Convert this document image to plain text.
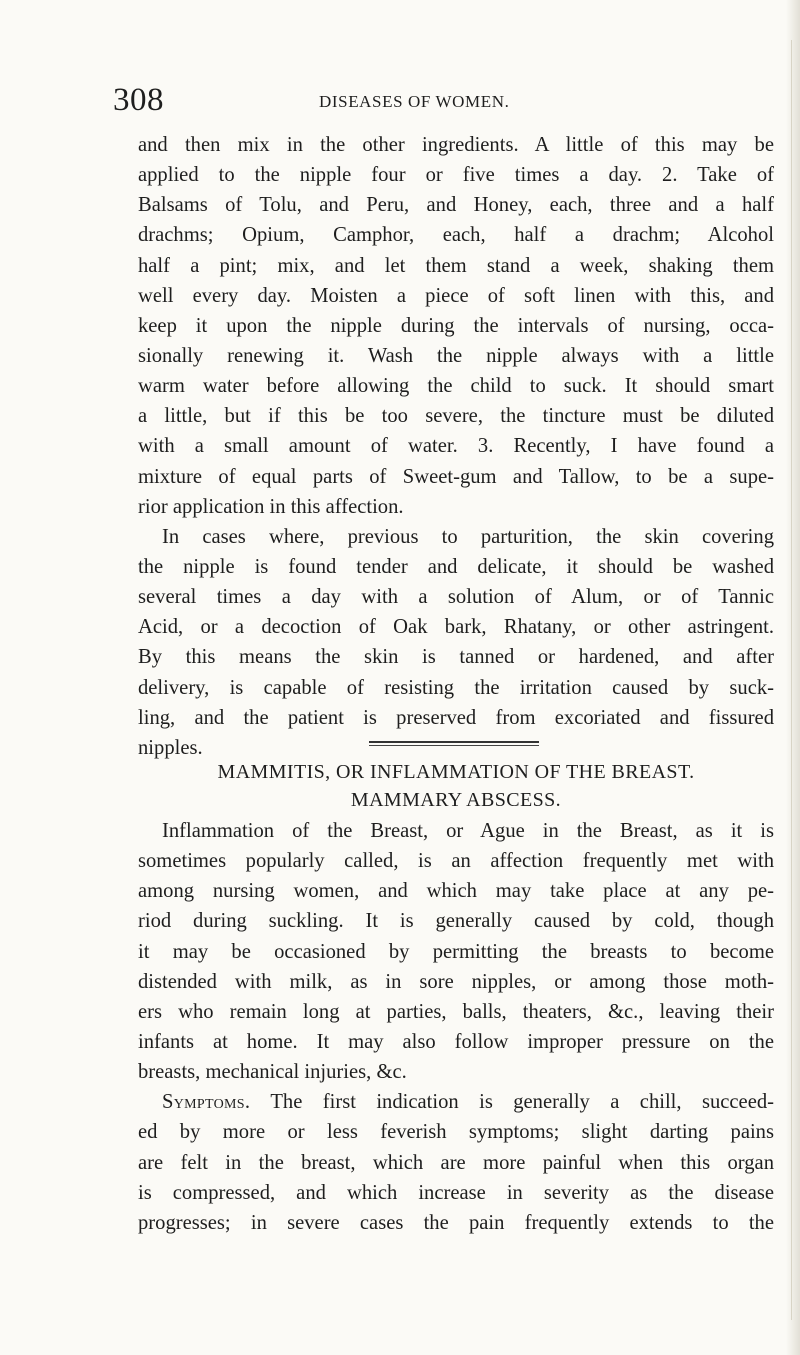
308	DISEASES OF WOMEN.
and then mix in the other ingredients. A little of this may be
applied to the nipple four or five times a day. 2. Take of
Balsams of Tolu, and Peru, and Honey, each, three and a half
drachms; Opium, Camphor, each, half a drachm; Alcohol
half a pint; mix, and let them stand a week, shaking them
well every day. Moisten a piece of soft linen with this, and
keep it upon the nipple during the intervals of nursing, occa-
sionally renewing it. Wash the nipple always with a little
warm water before allowing the child to suck. It should smart
a little, but if this be too severe, the tincture must be diluted
with a small amount of water. 3. Recently, I have found a
mixture of equal parts of Sweet-gum and Tallow, to be a supe-
rior application in this affection.
In cases where, previous to parturition, the skin covering
the nipple is found tender and delicate, it should be washed
several times a day with a solution of Alum, or of Tannic
Acid, or a decoction of Oak bark, Rhatany, or other astringent.
By this means the skin is tanned or hardened, and after
delivery, is capable of resisting the irritation caused by suck-
ling, and the patient is preserved from excoriated and fissured
nipples.
MAMMITIS, OR INFLAMMATION OF THE BREAST.
MAMMARY ABSCESS.
Inflammation of the Breast, or Ague in the Breast, as it is
sometimes popularly called, is an affection frequently met with
among nursing women, and which may take place at any pe-
riod during suckling. It is generally caused by cold, though
it may be occasioned by permitting the breasts to become
distended with milk, as in sore nipples, or among those moth-
ers who remain long at parties, balls, theaters, &c., leaving their
infants at home. It may also follow improper pressure on the
breasts, mechanical injuries, &c.
Symptoms. The first indication is generally a chill, succeed-
ed by more or less feverish symptoms; slight darting pains
are felt in the breast, which are more painful when this organ
is compressed, and which increase in severity as the disease
progresses; in severe cases the pain frequently extends to the
